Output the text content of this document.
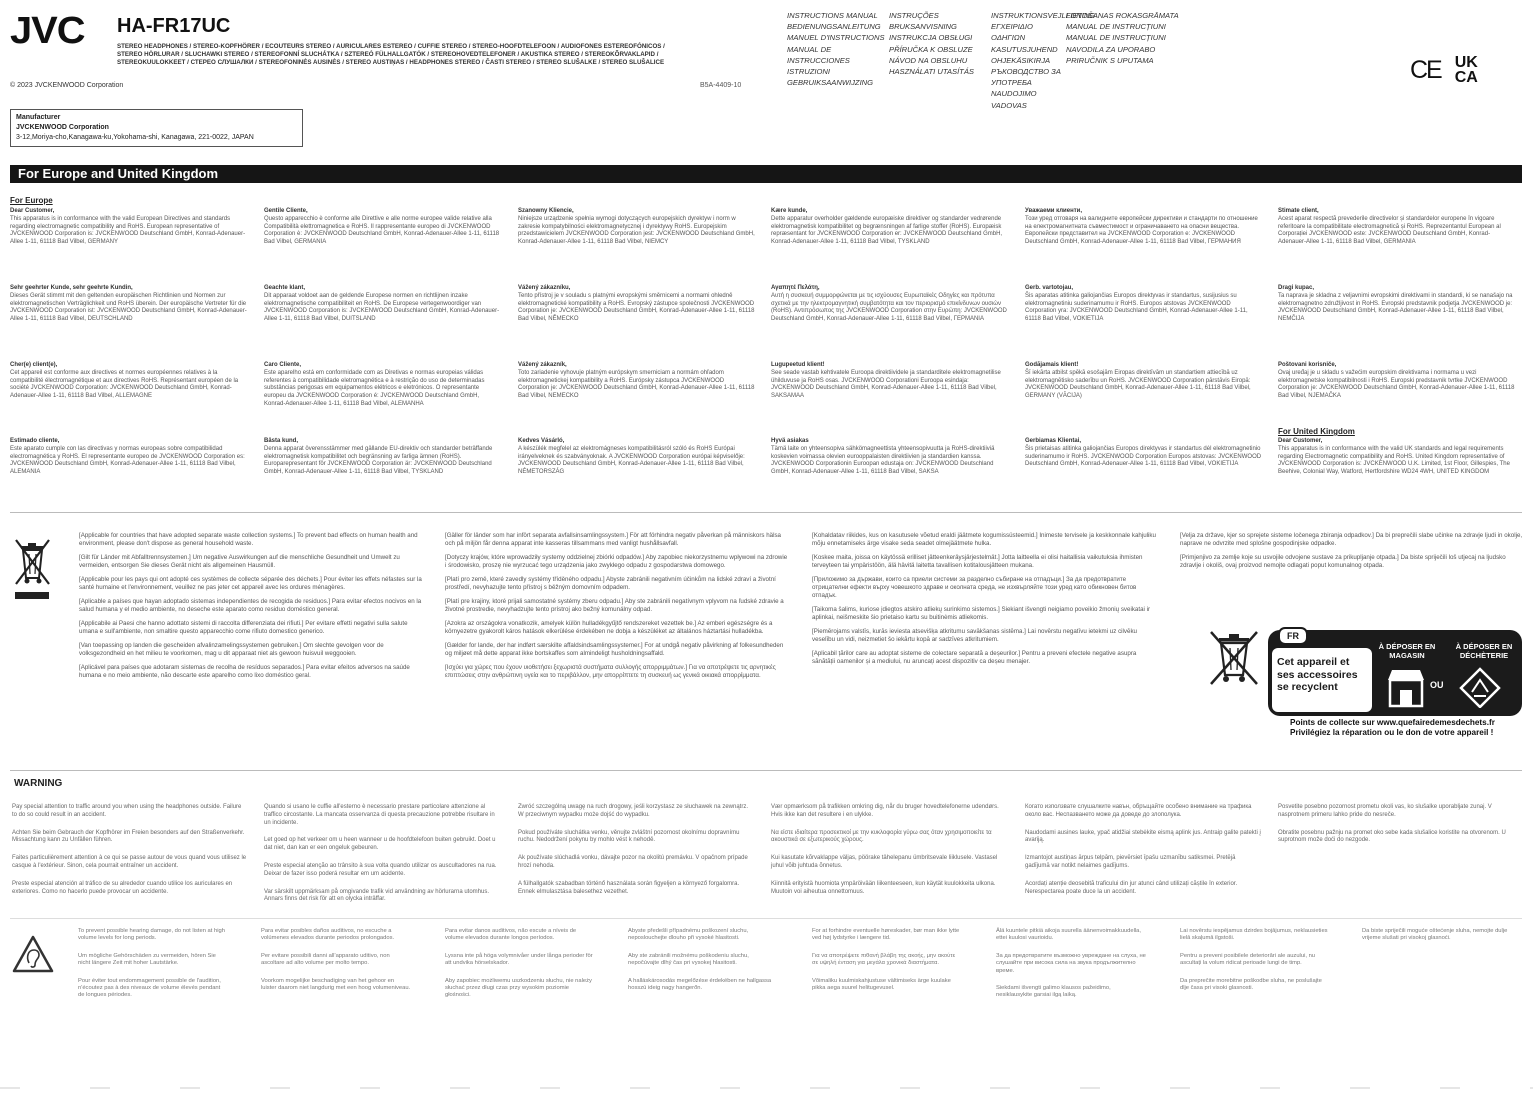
JVC HA-FR17UC
STEREO HEADPHONES / STEREO-KOPFHÖRER / ECOUTEURS STEREO / AURICULARES ESTEREO / CUFFIE STEREO / STEREO-HOOFDTELEFOON / AUDIOFONES ESTEREOFÓNICOS / STEREO HÖRLURAR / SLUCHAWKI STEREO / STEREOFONNÍ SLUCHÁTKA / SZTEREÓ FÜLHALLGATÓK / STEREOHOVEDTELEFONER / AKUSTIKA STEREO / STEREOKÕRVAKLAPID / STEREOKUULOKKEET / СТЕРЕО СЛУШАЛКИ / STEREOFONINĖS AUSINĖS / STEREO AUSTIŅAS / HEADPHONES STEREO / ČASTI STEREO / STEREO SLUŠALKE / STEREO SLUŠALICE
© 2023 JVCKENWOOD Corporation	B5A-4409-10
INSTRUCTIONS MANUAL
BEDIENUNGSANLEITUNG
MANUEL D'INSTRUCTIONS
MANUAL DE INSTRUCCIONES
ISTRUZIONI
GEBRUIKSAANWIJZING
INSTRUÇÕES
BRUKSANVISNING
INSTRUKCJA OBSŁUGI
PŘÍRUČKA K OBSLUZE
NÁVOD NA OBSLUHU
HASZNÁLATI UTASÍTÁS
INSTRUKTIONSVEJLEDNING
ΕΓΧΕΙΡΙΔΙΟ ΟΔΗΓΙΩΝ
KASUTUSJUHEND
OHJEKÄSIKIRJA
РЪКОВОДСТВО ЗА УПОТРЕБА
NAUDOJIMO VADOVAS
LIETOŠANAS ROKASGRĀMATA
MANUAL DE INSTRUCȚIUNI
MANUAL DE INSTRUCȚIUNI
NAVODILA ZA UPORABO
PRIRUČNIK S UPUTAMA	CE UK
CA
Manufacturer
JVCKENWOOD Corporation
3-12,Moriya-cho,Kanagawa-ku,Yokohama-shi, Kanagawa, 221-0022, JAPAN
For Europe and United Kingdom
For Europe
Dear Customer,
This apparatus is in conformance with the valid European Directives and standards regarding electromagnetic compatibility and RoHS. European representative of JVCKENWOOD Corporation is: JVCKENWOOD Deutschland GmbH, Konrad-Adenauer-Allee 1-11, 61118 Bad Vilbel, GERMANY
Gentile Cliente,
Questo apparecchio è conforme alle Direttive e alle norme europee valide relative alla Compatibilità elettromagnetica e RoHS. Il rappresentante europeo di JVCKENWOOD Corporation è: JVCKENWOOD Deutschland GmbH, Konrad-Adenauer-Allee 1-11, 61118 Bad Vilbel, GERMANIA
Szanowny Kliencie,
Niniejsze urządzenie spełnia wymogi dotyczących europejskich dyrektyw i norm w zakresie kompatybilności elektromagnetycznej i dyrektywy RoHS. Europejskim przedstawicielem JVCKENWOOD Corporation jest: JVCKENWOOD Deutschland GmbH, Konrad-Adenauer-Allee 1-11, 61118 Bad Vilbel, NIEMCY
Kære kunde,
Dette apparatur overholder gældende europæiske direktiver og standarder vedrørende elektromagnetisk kompatibilitet og begrænsningen af farlige stoffer (RoHS). Europæisk repræsentant for JVCKENWOOD Corporation er: JVCKENWOOD Deutschland GmbH, Konrad-Adenauer-Allee 1-11, 61118 Bad Vilbel, TYSKLAND
Уважаеми клиенти,
Този уред отговаря на валидните европейски директиви и стандарти по отношение на електромагнитната съвместимост и ограничаването на опасни вещества. Европейски представител на JVCKENWOOD Corporation е: JVCKENWOOD Deutschland GmbH, Konrad-Adenauer-Allee 1-11, 61118 Bad Vilbel, ГЕРМАНИЯ
Stimate client,
Acest aparat respectă prevederile directivelor și standardelor europene în vigoare referitoare la compatibilitate electromagnetică și RoHS. Reprezentantul European al Corporației JVCKENWOOD este: JVCKENWOOD Deutschland GmbH, Konrad-Adenauer-Allee 1-11, 61118 Bad Vilbel, GERMANIA
Sehr geehrter Kunde, sehr geehrte Kundin,
Dieses Gerät stimmt mit den geltenden europäischen Richtlinien und Normen zur elektromagnetischen Verträglichkeit und RoHS überein. Der europäische Vertreter für die JVCKENWOOD Corporation ist: JVCKENWOOD Deutschland GmbH, Konrad-Adenauer-Allee 1-11, 61118 Bad Vilbel, DEUTSCHLAND
Geachte klant,
Dit apparaat voldoet aan de geldende Europese normen en richtlijnen inzake elektromagnetische compatibiliteit en RoHS. De Europese vertegenwoordiger van JVCKENWOOD Corporation is: JVCKENWOOD Deutschland GmbH, Konrad-Adenauer-Allee 1-11, 61118 Bad Vilbel, DUITSLAND
Vážený zákazníku,
Tento přístroj je v souladu s platnými evropskými směrnicemi a normami ohledně elektromagnetické kompatibility a RoHS. Evropský zástupce společnosti JVCKENWOOD Corporation je: JVCKENWOOD Deutschland GmbH, Konrad-Adenauer-Allee 1-11, 61118 Bad Vilbel, NĚMECKO
Αγαπητέ Πελάτη,
Αυτή η συσκευή συμμορφώνεται με τις ισχύουσες Ευρωπαϊκές Οδηγίες και πρότυπα σχετικά με την ηλεκτρομαγνητική συμβατότητα και τον περιορισμό επικίνδυνων ουσιών (RoHS). Αντιπρόσωπος της JVCKENWOOD Corporation στην Ευρώπη: JVCKENWOOD Deutschland GmbH, Konrad-Adenauer-Allee 1-11, 61118 Bad Vilbel, ΓΕΡΜΑΝΙΑ
Gerb. vartotojau,
Šis aparatas atitinka galiojančias Europos direktyvas ir standartus, susijusius su elektromagnetiniu suderinamumu ir RoHS. Europos atstovas JVCKENWOOD Corporation yra: JVCKENWOOD Deutschland GmbH, Konrad-Adenauer-Allee 1-11, 61118 Bad Vilbel, VOKIETIJA
Dragi kupac,
Ta naprava je skladna z veljavnimi evropskimi direktivami in standardi, ki se nanašajo na elektromagnetno združljivost in RoHS. Evropski predstavnik podjetja JVCKENWOOD je: JVCKENWOOD Deutschland GmbH, Konrad-Adenauer-Allee 1-11, 61118 Bad Vilbel, NEMČIJA
Cher(e) client(e),
Cet appareil est conforme aux directives et normes européennes relatives à la compatibilité électromagnétique et aux directives RoHS. Représentant européen de la société JVCKENWOOD Corporation: JVCKENWOOD Deutschland GmbH, Konrad-Adenauer-Allee 1-11, 61118 Bad Vilbel, ALLEMAGNE
Caro Cliente,
Este aparelho está em conformidade com as Diretivas e normas europeias válidas referentes à compatibilidade eletromagnética e à restrição do uso de determinadas substâncias perigosas em equipamentos elétricos e eletrónicos. O representante europeu da JVCKENWOOD Corporation é: JVCKENWOOD Deutschland GmbH, Konrad-Adenauer-Allee 1-11, 61118 Bad Vilbel, ALEMANHA
Vážený zákazník,
Toto zariadenie vyhovuje platným európskym smerniciam a normám ohľadom elektromagnetickej kompatibility a RoHS. Európsky zástupca JVCKENWOOD Corporation je: JVCKENWOOD Deutschland GmbH, Konrad-Adenauer-Allee 1-11, 61118 Bad Vilbel, NEMECKO
Lugupeetud klient!
See seade vastab kehtivatele Euroopa direktiividele ja standarditele elektromagnetilise ühilduvuse ja RoHS osas. JVCKENWOOD Corporationi Euroopa esindaja: JVCKENWOOD Deutschland GmbH, Konrad-Adenauer-Allee 1-11, 61118 Bad Vilbel, SAKSAMAA
Godājamais klient!
Šī iekārta atbilst spēkā esošajām Eiropas direktīvām un standartiem attiecībā uz elektromagnētisko saderību un RoHS. JVCKENWOOD Corporation pārstāvis Eiropā: JVCKENWOOD Deutschland GmbH, Konrad-Adenauer-Allee 1-11, 61118 Bad Vilbel, GERMANY (VĀCIJA)
Poštovani korisniče,
Ovaj uređaj je u skladu s važećim europskim direktivama i normama u vezi elektromagnetske kompatibilnosti i RoHS. Europski predstavnik tvrtke JVCKENWOOD Corporation je: JVCKENWOOD Deutschland GmbH, Konrad-Adenauer-Allee 1-11, 61118 Bad Vilbel, NJEMAČKA
Estimado cliente,
Este aparato cumple con las directivas y normas europeas sobre compatibilidad electromagnética y RoHS. El representante europeo de JVCKENWOOD Corporation es: JVCKENWOOD Deutschland GmbH, Konrad-Adenauer-Allee 1-11, 61118 Bad Vilbel, ALEMANIA
Bästa kund,
Denna apparat överensstämmer med gällande EU-direktiv och standarder beträffande elektromagnetisk kompatibilitet och begränsning av farliga ämnen (RoHS). Europarepresentant för JVCKENWOOD Corporation är: JVCKENWOOD Deutschland GmbH, Konrad-Adenauer-Allee 1-11, 61118 Bad Vilbel, TYSKLAND
Kedves Vásárló,
A készülék megfelel az elektromágneses kompatibilitásról szóló és RoHS Európai irányelveknek és szabványoknak. A JVCKENWOOD Corporation európai képviselője: JVCKENWOOD Deutschland GmbH, Konrad-Adenauer-Allee 1-11, 61118 Bad Vilbel, NÉMETORSZÁG
Hyvä asiakas
Tämä laite on yhteensopiva sähkömagneettista yhteensopivuutta ja RoHS-direktiiviä koskevien voimassa olevien eurooppalaisten direktiivien ja standardien kanssa. JVCKENWOOD Corporationin Euroopan edustaja on: JVCKENWOOD Deutschland GmbH, Konrad-Adenauer-Allee 1-11, 61118 Bad Vilbel, SAKSA
Gerbiamas Klientai,
Šis prietaisas atitinka galiojančias Europos direktyvas ir standartus dėl elektromagnetinio suderinamumo ir RoHS. JVCKENWOOD Corporation Europos atstovas: JVCKENWOOD Deutschland GmbH, Konrad-Adenauer-Allee 1-11, 61118 Bad Vilbel, VOKIETIJA
Dear Customer,
This apparatus is in conformance with the valid UK standards and legal requirements regarding Electromagnetic compatibility and RoHS. United Kingdom representative of JVCKENWOOD Corporation is: JVCKENWOOD U.K. Limited, 1st Floor, Gillespies, The Beehive, Colonial Way, Watford, Hertfordshire WD24 4WH, UNITED KINGDOM
For United Kingdom
[Applicable for countries that have adopted separate waste collection systems.] To prevent bad effects on human health and environment, please don't dispose as general household waste.
[Gilt für Länder mit Abfalltrennsystemen.] Um negative Auswirkungen auf die menschliche Gesundheit und Umwelt zu vermeiden, entsorgen Sie dieses Gerät nicht als allgemeinen Hausmüll.
[Applicable pour les pays qui ont adopté ces systèmes de collecte séparée des déchets.] Pour éviter les effets néfastes sur la santé humaine et l'environnement, veuillez ne pas jeter cet appareil avec les ordures ménagères.
[Aplicable a países que hayan adoptado sistemas independientes de recogida de residuos.] Para evitar efectos nocivos en la salud humana y el medio ambiente, no deseche este aparato como residuo doméstico general.
[Applicabile ai Paesi che hanno adottato sistemi di raccolta differenziata dei rifiuti.] Per evitare effetti negativi sulla salute umana e sull'ambiente, non smaltire questo apparecchio come rifiuto domestico generico.
[Van toepassing op landen die gescheiden afvalinzamelingssystemen gebruiken.] Om slechte gevolgen voor de volksgezondheid en het milieu te voorkomen, mag u dit apparaat niet als gewoon huisvuil weggooien.
[Aplicável para países que adotaram sistemas de recolha de resíduos separados.] Para evitar efeitos adversos na saúde humana e no meio ambiente, não descarte este aparelho como lixo doméstico geral.
[Gäller för länder som har infört separata avfallsinsamlingssystem.] För att förhindra negativ påverkan på människors hälsa och på miljön får denna apparat inte kasseras tillsammans med vanligt hushållsavfall.
[Dotyczy krajów, które wprowadziły systemy oddzielnej zbiórki odpadów.] Aby zapobiec niekorzystnemu wpływowi na zdrowie i środowisko, proszę nie wyrzucać tego urządzenia jako zwykłego odpadu z gospodarstwa domowego.
[Platí pro země, které zavedly systémy tříděného odpadu.] Abyste zabránili negativním účinkům na lidské zdraví a životní prostředí, nevyhazujte tento přístroj s běžným domovním odpadem.
[Platí pre krajiny, ktoré prijali samostatné systémy zberu odpadu.] Aby ste zabránili negatívnym vplyvom na ľudské zdravie a životné prostredie, nevyhadzujte tento prístroj ako bežný komunálny odpad.
[Azokra az országokra vonatkozik, amelyek külön hulladékgyűjtő rendszereket vezettek be.] Az emberi egészségre és a környezetre gyakorolt káros hatások elkerülése érdekében ne dobja a készüléket az általános háztartási hulladékba.
[Gælder for lande, der har indført særskilte affaldsindsamlingssystemer.] For at undgå negativ påvirkning af folkesundheden og miljøet må dette apparat ikke bortskaffes som almindeligt husholdningsaffald.
[Ισχύει για χώρες που έχουν υιοθετήσει ξεχωριστά συστήματα συλλογής απορριμμάτων.] Για να αποτρέψετε τις αρνητικές επιπτώσεις στην ανθρώπινη υγεία και το περιβάλλον, μην απορρίπτετε τη συσκευή ως γενικά οικιακά απορρίμματα.
[Kohaldatav riikides, kus on kasutusele võetud eraldi jäätmete kogumissüsteemid.] Inimeste tervisele ja keskkonnale kahjuliku mõju ennetamiseks ärge visake seda seadet olmejäätmete hulka.
[Koskee maita, joissa on käytössä erilliset jätteenkeräysjärjestelmät.] Jotta laitteella ei olisi haitallisia vaikutuksia ihmisten terveyteen tai ympäristöön, älä hävitä laitetta tavallisen kotitalousjätteen mukana.
[Приложимо за държави, които са приели системи за разделно събиране на отпадъци.] За да предотвратите отрицателни ефекти върху човешкото здраве и околната среда, не изхвърляйте този уред като обикновен битов отпадък.
[Taikoma šalims, kuriose įdiegtos atskiro atliekų surinkimo sistemos.] Siekiant išvengti neigiamo poveikio žmonių sveikatai ir aplinkai, neišmeskite šio prietaiso kartu su buitinėmis atliekomis.
[Piemērojams valstīs, kurās ieviesta atsevišķa atkritumu savākšanas sistēma.] Lai novērstu negatīvu ietekmi uz cilvēku veselību un vidi, neizmetiet šo iekārtu kopā ar sadzīves atkritumiem.
[Aplicabil țărilor care au adoptat sisteme de colectare separată a deșeurilor.] Pentru a preveni efectele negative asupra sănătății oamenilor și a mediului, nu aruncați acest dispozitiv ca deșeu menajer.
[Velja za države, kjer so sprejete sisteme ločenega zbiranja odpadkov.] Da bi preprečili slabe učinke na zdravje ljudi in okolje, naprave ne odvrzite med splošne gospodinjske odpadke.
[Primjenjivo za zemlje koje su usvojile odvojene sustave za prikupljanje otpada.] Da biste spriječili loš utjecaj na ljudsko zdravlje i okoliš, ovaj proizvod nemojte odlagati poput komunalnog otpada.
FR
Cet appareil et ses accessoires se recyclent
À DÉPOSER EN MAGASIN
À DÉPOSER EN DÉCHÈTERIE
OU
Points de collecte sur www.quefairedemesdechets.fr
Privilégiez la réparation ou le don de votre appareil !
WARNING
Pay special attention to traffic around you when using the headphones outside. Failure to do so could result in an accident.
Achten Sie beim Gebrauch der Kopfhörer im Freien besonders auf den Straßenverkehr. Missachtung kann zu Unfällen führen.
Faites particulièrement attention à ce qui se passe autour de vous quand vous utilisez le casque à l'extérieur. Sinon, cela pourrait entraîner un accident.
Preste especial atención al tráfico de su alrededor cuando utilice los auriculares en exteriores. Como no hacerlo puede provocar un accidente.
Quando si usano le cuffie all'esterno è necessario prestare particolare attenzione al traffico circostante. La mancata osservanza di questa precauzione potrebbe risultare in un incidente.
Let goed op het verkeer om u heen wanneer u de hoofdtelefoon buiten gebruikt. Doet u dat niet, dan kan er een ongeluk gebeuren.
Preste especial atenção ao trânsito à sua volta quando utilizar os auscultadores na rua. Deixar de fazer isso poderá resultar em um acidente.
Var särskilt uppmärksam på omgivande trafik vid användning av hörlurarna utomhus. Annars finns det risk för att en olycka inträffar.
Zwróć szczególną uwagę na ruch drogowy, jeśli korzystasz ze słuchawek na zewnątrz. W przeciwnym wypadku może dojść do wypadku.
Pokud používáte sluchátka venku, věnujte zvláštní pozornost okolnímu dopravnímu ruchu. Nedodržení pokynu by mohlo vést k nehodě.
Ak používate slúchadlá vonku, dávajte pozor na okolitú premávku. V opačnom prípade hrozí nehoda.
A fülhallgatók szabadban történő használata során figyeljen a környező forgalomra. Ennek elmulasztása balesethez vezethet.
Vær opmærksom på trafikken omkring dig, når du bruger hovedtelefonerne udendørs. Hvis ikke kan det resultere i en ulykke.
Να είστε ιδιαίτερα προσεκτικοί με την κυκλοφορία γύρω σας όταν χρησιμοποιείτε τα ακουστικά σε εξωτερικούς χώρους.
Kui kasutate kõrvaklappe väljas, pöörake tähelepanu ümbritsevale liiklusele. Vastasel juhul võib juhtuda õnnetus.
Kiinnitä erityistä huomiota ympäröivään liikenteeseen, kun käytät kuulokkeita ulkona. Muutoin voi aiheutua onnettomuus.
Когато използвате слушалките навън, обръщайте особено внимание на трафика около вас. Неспазването може да доведе до злополука.
Naudodami ausines lauke, ypač atidžiai stebėkite eismą aplink jus. Antraip galite patekti į avariją.
Izmantojot austiņas ārpus telpām, pievērsiet īpašu uzmanību satiksmei. Pretējā gadījumā var notikt nelaimes gadījums.
Acordați atenție deosebită traficului din jur atunci când utilizați căștile în exterior. Nerespectarea poate duce la un accident.
Posvetite posebno pozornost prometu okoli vas, ko slušalke uporabljate zunaj. V nasprotnem primeru lahko pride do nesreče.
Obratite posebnu pažnju na promet oko sebe kada slušalice koristite na otvorenom. U suprotnom može doći do nezgode.
To prevent possible hearing damage, do not listen at high volume levels for long periods.
Um mögliche Gehörschäden zu vermeiden, hören Sie nicht längere Zeit mit hoher Lautstärke.
Pour éviter tout endommagement possible de l'audition, n'écoutez pas à des niveaux de volume élevés pendant de longues périodes.
Para evitar posibles daños auditivos, no escuche a volúmenes elevados durante periodos prolongados.
Per evitare possibili danni all'apparato uditivo, non ascoltare ad alto volume per molto tempo.
Voorkom mogelijke beschadiging van het gehoor en luister daarom niet langdurig met een hoog volumeniveau.
Para evitar danos auditivos, não escute a níveis de volume elevados durante longos períodos.
Lyssna inte på höga volymnivåer under långa perioder för att undvika hörselskador.
Aby zapobiec możliwemu uszkodzeniu słuchu, nie należy słuchać przez długi czas przy wysokim poziomie głośności.
Abyste předešli případnému poškození sluchu, neposlouchejte dlouho při vysoké hlasitosti.
Aby ste zabránili možnému poškodeniu sluchu, nepočúvajte dlhý čas pri vysokej hlasitosti.
A halláskárosodás megelőzése érdekében ne hallgassa hosszú ideig nagy hangerőn.
For at forhindre eventuelle høreskader, bør man ikke lytte ved høj lydstyrke i længere tid.
Για να αποτρέψετε πιθανή βλάβη της ακοής, μην ακούτε σε υψηλή ένταση για μεγάλα χρονικά διαστήματα.
Võimaliku kuulmiskahjustuse vältimiseks ärge kuulake pikka aega suurel helitugevusel.
Älä kuuntele pitkiä aikoja suurella äänenvoimakkuudella, ettei kuulosi vaurioidu.
За да предотвратите възможно увреждане на слуха, не слушайте при висока сила на звука продължително време.
Siekdami išvengti galimo klausos pažeidimo, nesiklausykite garsiai ilgą laiką.
Lai novērstu iespējamus dzirdes bojājumus, neklausieties lielā skaļumā ilgstoši.
Pentru a preveni posibilele deteriorări ale auzului, nu ascultați la volum ridicat perioade lungi de timp.
Da preprečite morebitne poškodbe sluha, ne poslušajte dlje časa pri visoki glasnosti.
Da biste spriječili moguće oštećenje sluha, nemojte dulje vrijeme slušati pri visokoj glasnoći.
